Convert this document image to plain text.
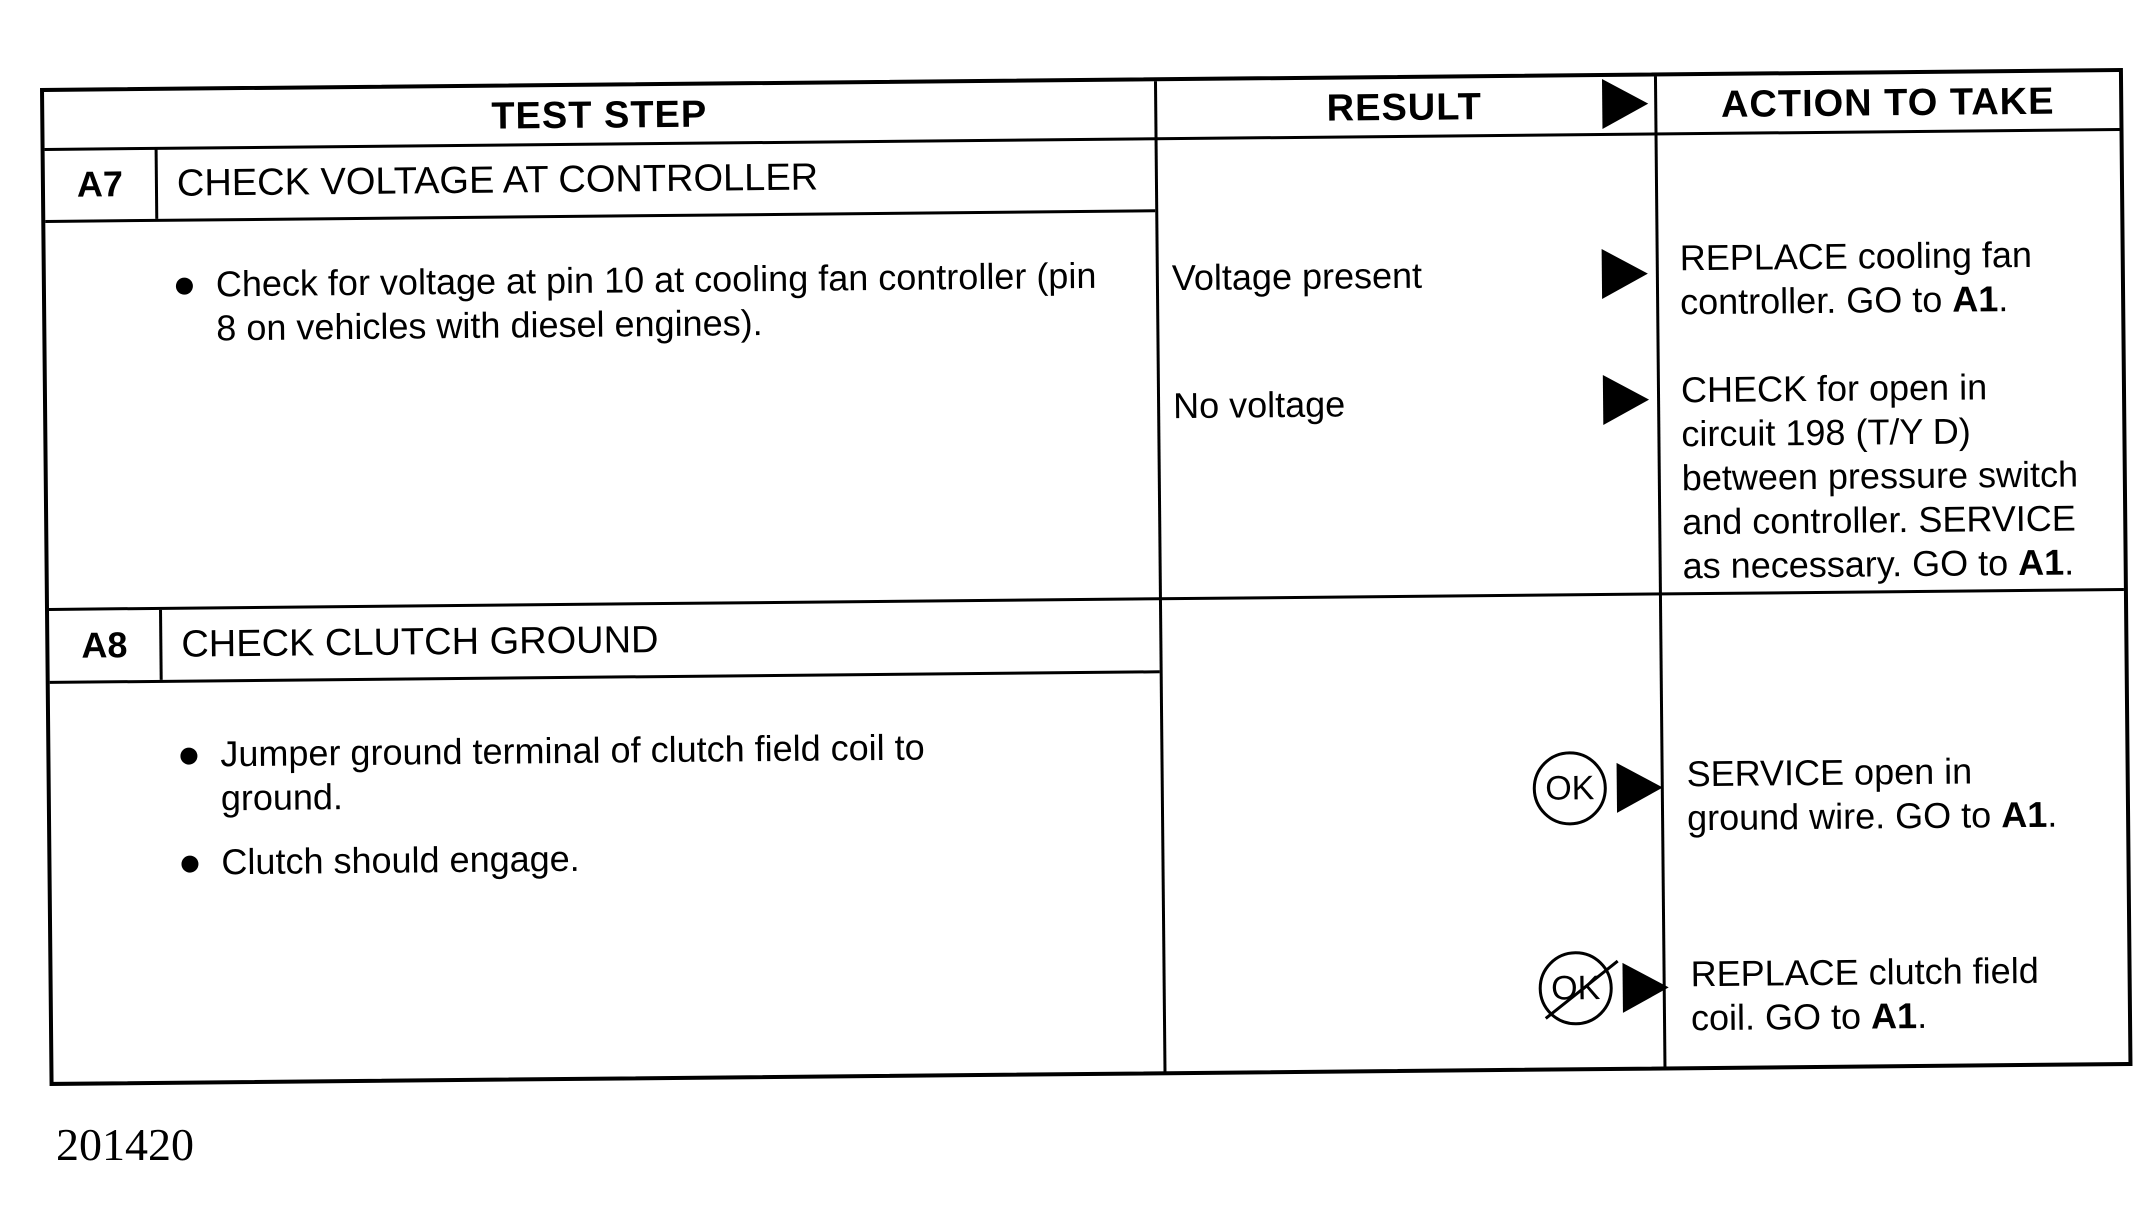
TEST STEP	RESULT	ACTION TO TAKE
A7	CHECK VOLTAGE AT CONTROLLER
Check for voltage at pin 10 at cooling fan controller (pin 8 on vehicles with diesel engines).
Voltage present	REPLACE cooling fan
controller. GO to A1.
No voltage	CHECK for open in
circuit 198 (T/Y D)
between pressure switch
and controller. SERVICE
as necessary. GO to A1.
A8	CHECK CLUTCH GROUND
Jumper ground terminal of clutch field coil to ground.
Clutch should engage.
OK	SERVICE open in
ground wire. GO to A1.
OK REPLACE clutch field
coil. GO to A1.
201420
